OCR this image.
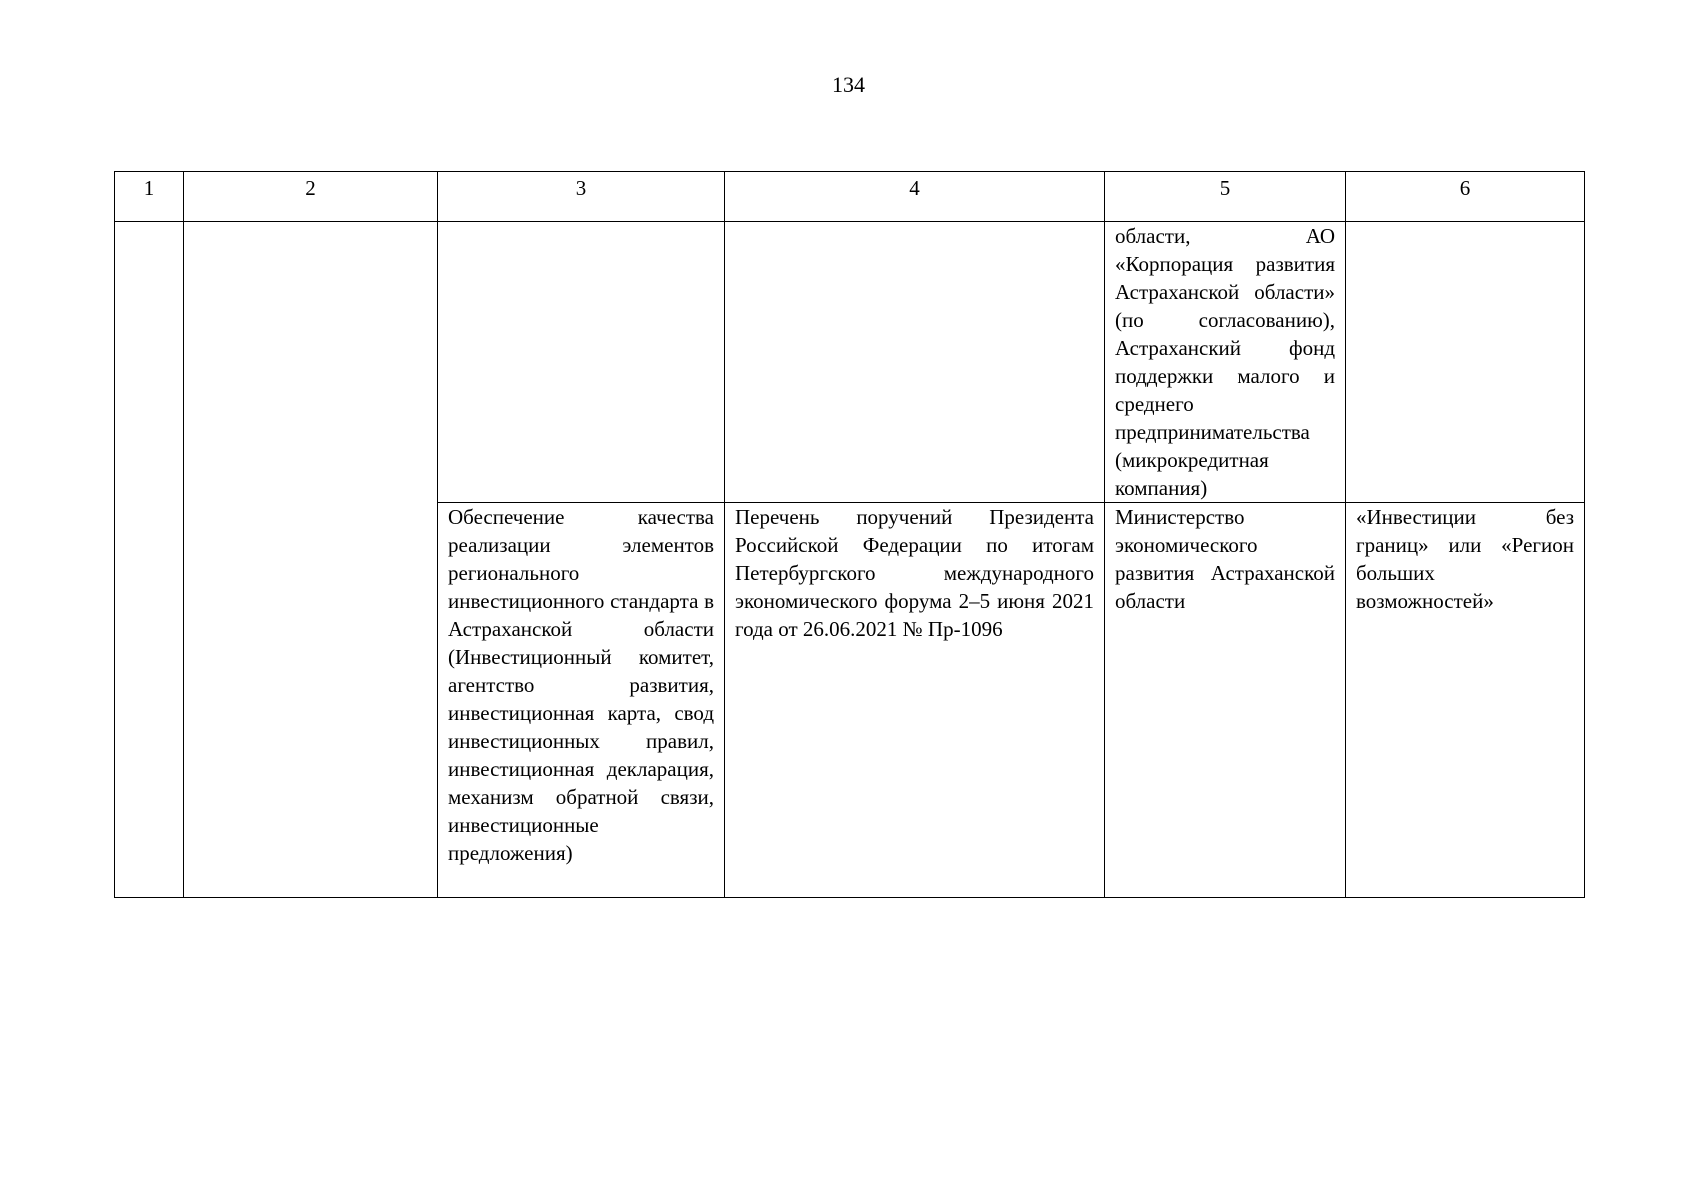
134
1	2	3	4	5	6

				области, АО «Корпорация развития Астраханской области» (по согласованию), Астраханский фонд поддержки малого и среднего предпринимательства (микрокредитная компания)	

		Обеспечение качества реализации элементов регионального инвестиционного стандарта в Астраханской области (Инвестиционный комитет, агентство развития, инвестиционная карта, свод инвестиционных правил, инвестиционная декларация, механизм обратной связи, инвестиционные предложения)	Перечень поручений Президента Российской Федерации по итогам Петербургского международного экономического форума 2–5 июня 2021 года от 26.06.2021 № Пр-1096	Министерство экономического развития Астраханской области	«Инвестиции без границ» или «Регион больших возможностей»
